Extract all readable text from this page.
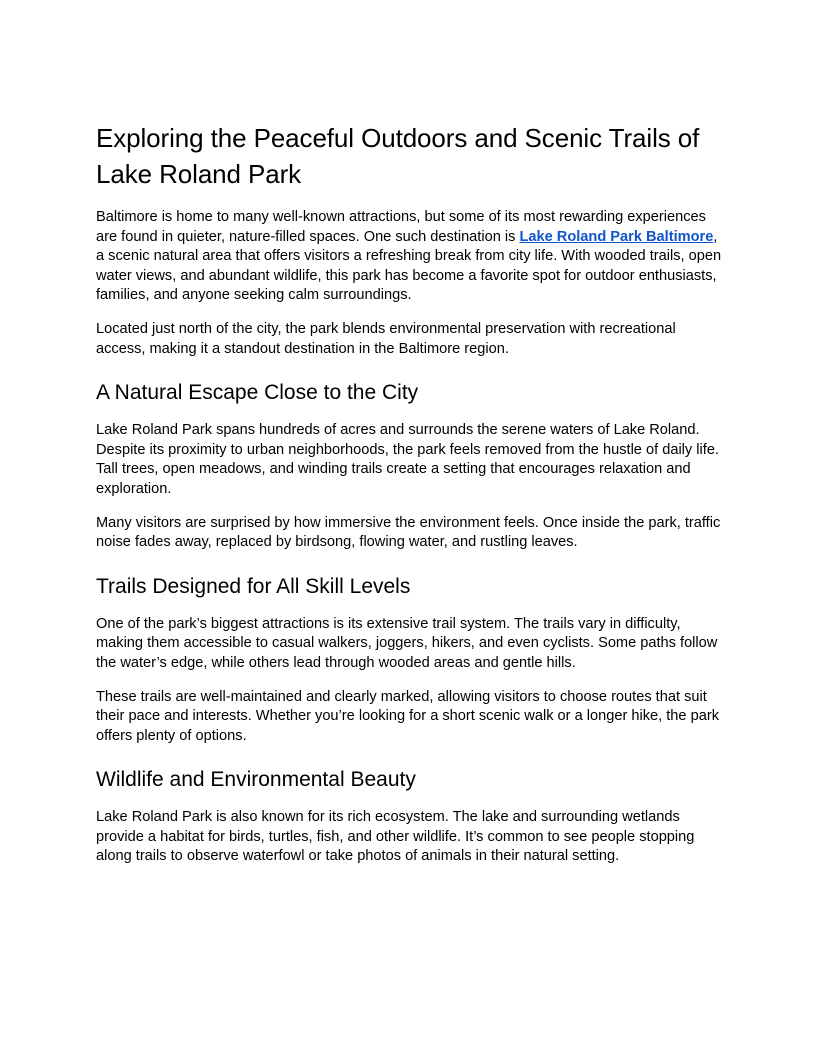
Exploring the Peaceful Outdoors and Scenic Trails of Lake Roland Park

Baltimore is home to many well-known attractions, but some of its most rewarding experiences are found in quieter, nature-filled spaces. One such destination is Lake Roland Park Baltimore, a scenic natural area that offers visitors a refreshing break from city life. With wooded trails, open water views, and abundant wildlife, this park has become a favorite spot for outdoor enthusiasts, families, and anyone seeking calm surroundings.

Located just north of the city, the park blends environmental preservation with recreational access, making it a standout destination in the Baltimore region.

A Natural Escape Close to the City

Lake Roland Park spans hundreds of acres and surrounds the serene waters of Lake Roland. Despite its proximity to urban neighborhoods, the park feels removed from the hustle of daily life. Tall trees, open meadows, and winding trails create a setting that encourages relaxation and exploration.

Many visitors are surprised by how immersive the environment feels. Once inside the park, traffic noise fades away, replaced by birdsong, flowing water, and rustling leaves.

Trails Designed for All Skill Levels

One of the park’s biggest attractions is its extensive trail system. The trails vary in difficulty, making them accessible to casual walkers, joggers, hikers, and even cyclists. Some paths follow the water’s edge, while others lead through wooded areas and gentle hills.

These trails are well-maintained and clearly marked, allowing visitors to choose routes that suit their pace and interests. Whether you’re looking for a short scenic walk or a longer hike, the park offers plenty of options.

Wildlife and Environmental Beauty

Lake Roland Park is also known for its rich ecosystem. The lake and surrounding wetlands provide a habitat for birds, turtles, fish, and other wildlife. It’s common to see people stopping along trails to observe waterfowl or take photos of animals in their natural setting.
